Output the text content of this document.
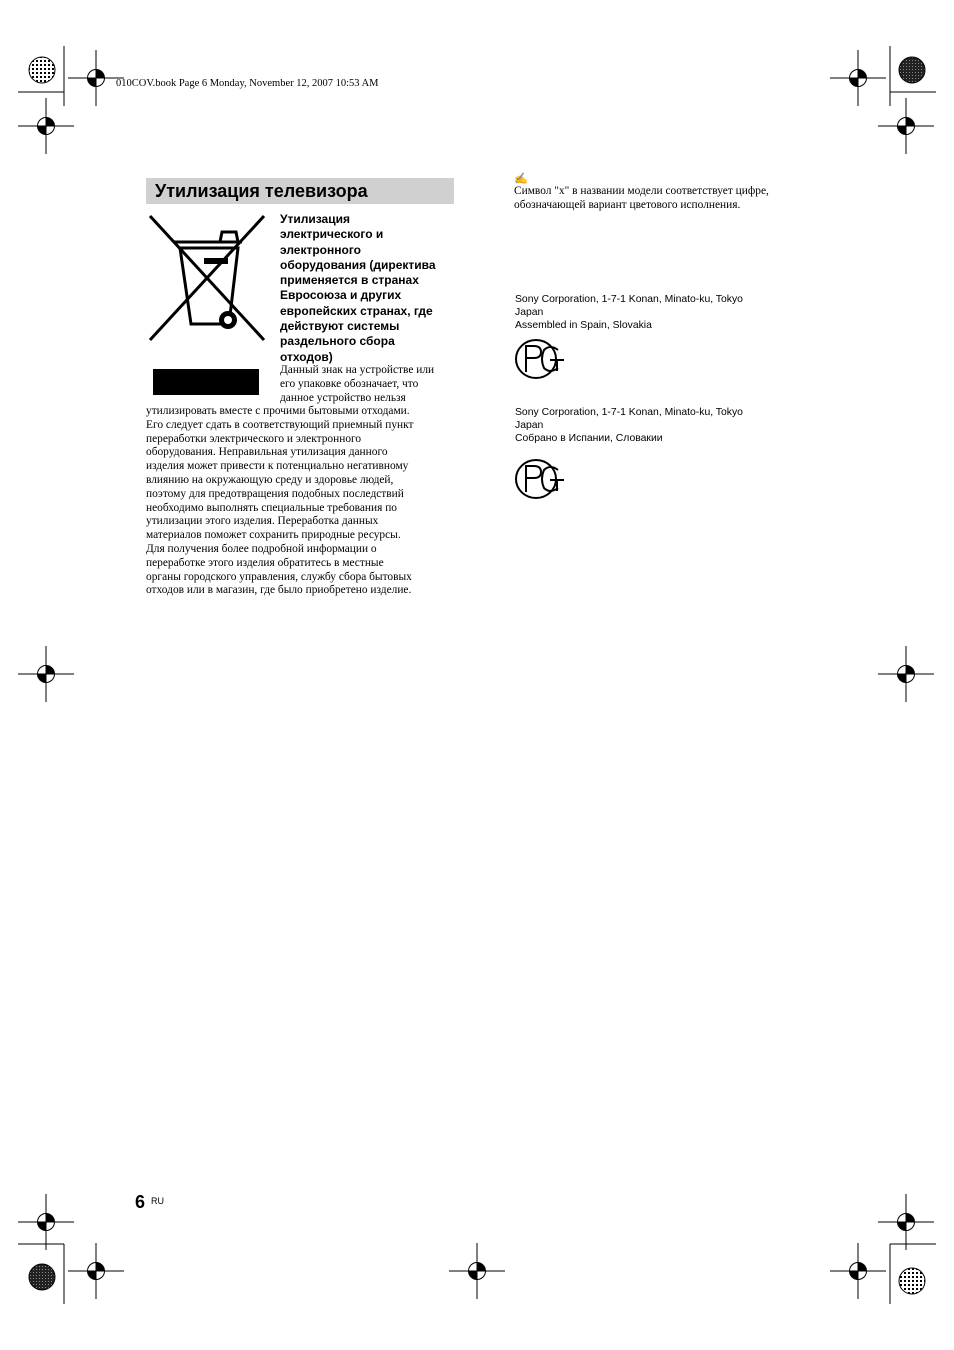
010COV.book Page 6 Monday, November 12, 2007 10:53 AM
Утилизация телевизора
Утилизация
электрического и
электронного
оборудования (директива
применяется в странах
Евросоюза и других
европейских странах, где
действуют системы
раздельного сбора
отходов)
Данный знак на устройстве или
его упаковке обозначает, что
данное устройство нельзя
утилизировать вместе с прочими бытовыми отходами.
Его следует сдать в соответствующий приемный пункт
переработки электрического и электронного
оборудования. Неправильная утилизация данного
изделия может привести к потенциально негативному
влиянию на окружающую среду и здоровье людей,
поэтому для предотвращения подобных последствий
необходимо выполнять специальные требования по
утилизации этого изделия. Переработка данных
материалов поможет сохранить природные ресурсы.
Для получения более подробной информации о
переработке этого изделия обратитесь в местные
органы городского управления, службу сбора бытовых
отходов или в магазин, где было приобретено изделие.
✍
Символ "x" в названии модели соответствует цифре,
обозначающей вариант цветового исполнения.
Sony Corporation, 1-7-1 Konan, Minato-ku, Tokyo
Japan
Assembled in Spain, Slovakia
Sony Corporation, 1-7-1 Konan, Minato-ku, Tokyo
Japan
Собрано в Испании, Словакии
6 RU
